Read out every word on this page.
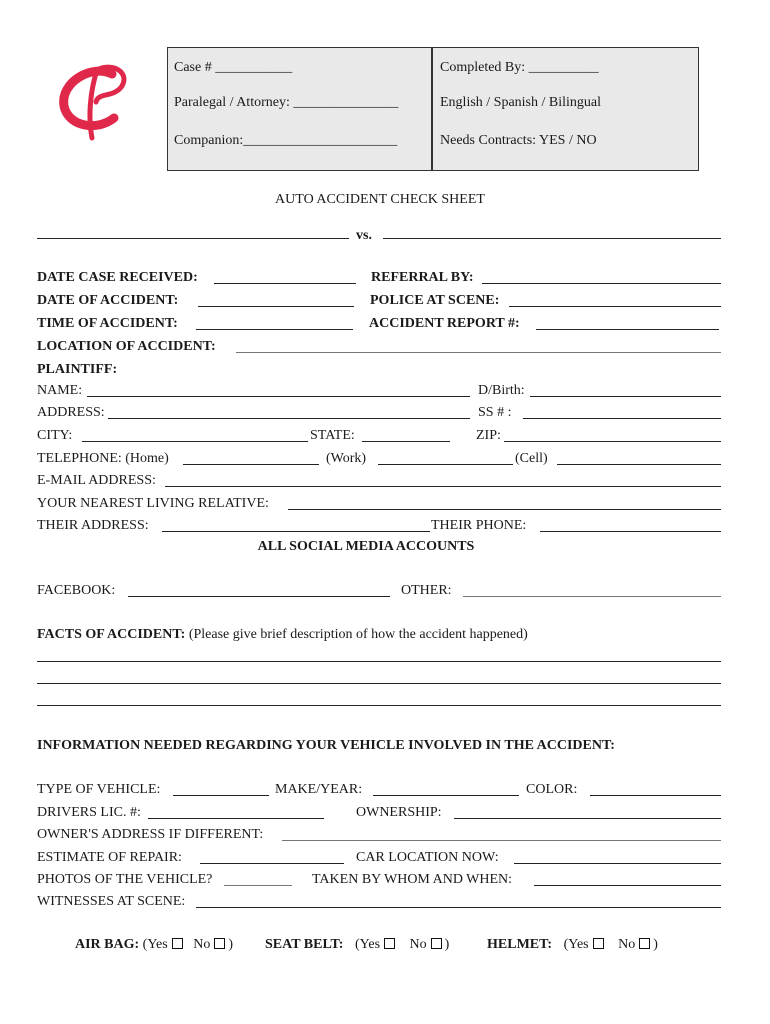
Case # ___________
Paralegal / Attorney: _______________
Companion:______________________
Completed By: __________
English / Spanish / Bilingual
Needs Contracts: YES / NO
AUTO ACCIDENT CHECK SHEET
vs.
DATE CASE RECEIVED:	REFERRAL BY:
DATE OF ACCIDENT:	POLICE AT SCENE:
TIME OF ACCIDENT:	ACCIDENT REPORT #:
LOCATION OF ACCIDENT:
PLAINTIFF:
NAME:	D/Birth:
ADDRESS:	SS # :
CITY:	STATE:	ZIP:
TELEPHONE: (Home)	(Work)	(Cell)
E-MAIL ADDRESS:
YOUR NEAREST LIVING RELATIVE:
THEIR ADDRESS:	THEIR PHONE:
ALL SOCIAL MEDIA ACCOUNTS
FACEBOOK:	OTHER:
FACTS OF ACCIDENT: (Please give brief description of how the accident happened)
INFORMATION NEEDED REGARDING YOUR VEHICLE INVOLVED IN THE ACCIDENT:
TYPE OF VEHICLE:	MAKE/YEAR:	COLOR:
DRIVERS LIC. #:	OWNERSHIP:
OWNER'S ADDRESS IF DIFFERENT:
ESTIMATE OF REPAIR:	CAR LOCATION NOW:
PHOTOS OF THE VEHICLE?	TAKEN BY WHOM AND WHEN:
WITNESSES AT SCENE:
AIR BAG: (Yes No ) SEAT BELT: (Yes No )	HELMET: (Yes No )
